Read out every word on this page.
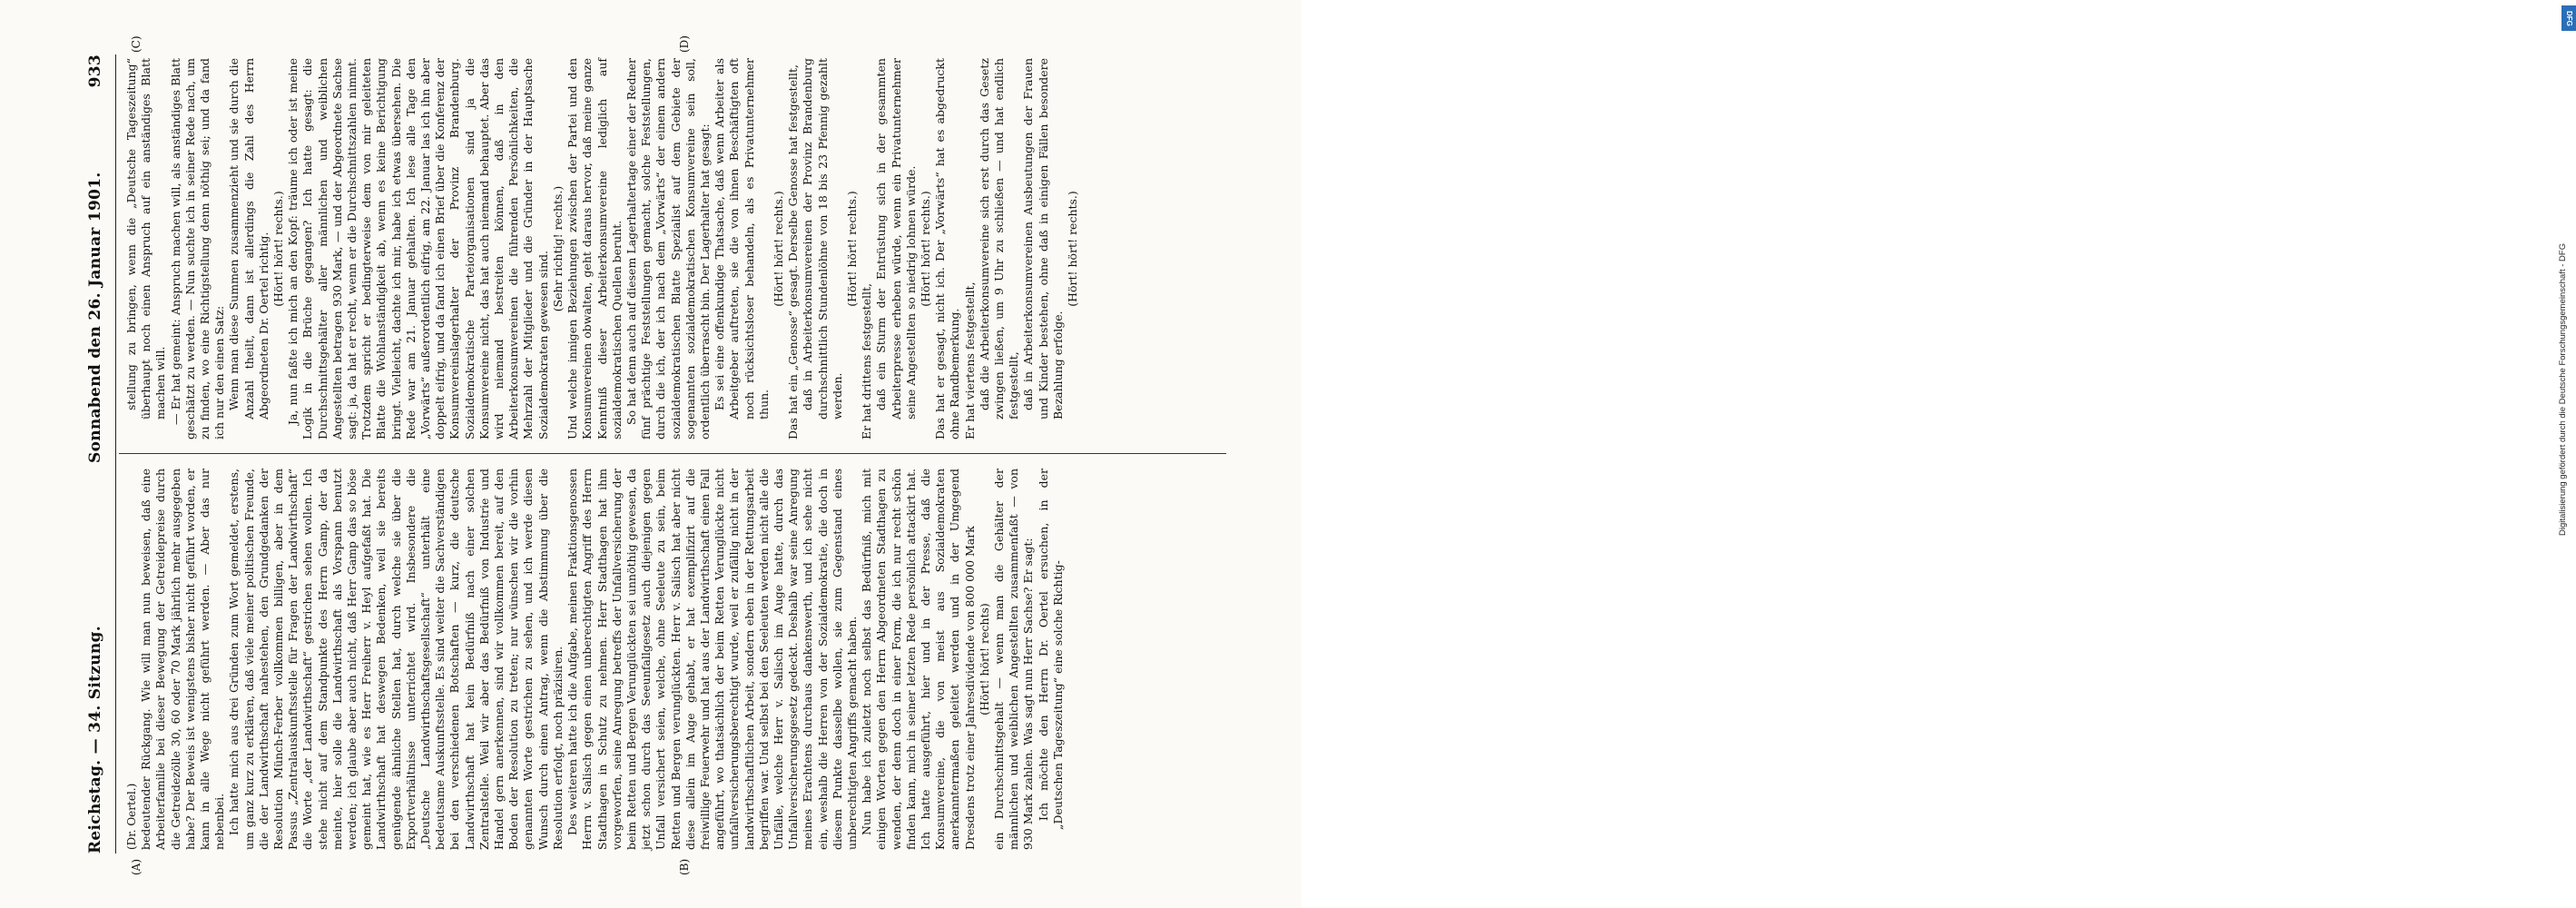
Reichstag. — 34. Sitzung.
Sonnabend den 26. Januar 1901.
933
(A)	(B)
(C)	(D)

(Dr. Oertel.) bedeutender Rückgang. Wie will man nun beweisen, daß eine Arbeiterfamilie bei dieser Bewegung der Getreidepreise durch die Getreidezölle 30, 60 oder 70 Mark jährlich mehr ausgegeben habe? Der Beweis ist wenigstens bisher nicht geführt worden, er kann in alle Wege nicht geführt werden. — Aber das nur nebenbei. Ich hatte mich aus drei Gründen zum Wort gemeldet, erstens, um ganz kurz zu erklären, daß viele meiner politischen Freunde, die der Landwirthschaft nahestehen, den Grundgedanken der Resolution Münch-Ferber vollkommen billigen, aber in dem Passus „Zentralauskunftsstelle für Fragen der Landwirthschaft“ die Worte „der Landwirthschaft“ gestrichen sehen wollen. Ich stehe nicht auf dem Standpunkte des Herrn Gamp, der da meinte, hier solle die Landwirthschaft als Vorspann benutzt werden; ich glaube aber auch nicht, daß Herr Gamp das so böse gemeint hat, wie es Herr Freiherr v. Heyl aufgefaßt hat. Die Landwirthschaft hat deswegen Bedenken, weil sie bereits genügende ähnliche Stellen hat, durch welche sie über die Exportverhältnisse unterrichtet wird. Insbesondere die „Deutsche Landwirthschaftsgesellschaft“ unterhält eine bedeutsame Auskunftsstelle. Es sind weiter die Sachverständigen bei den verschiedenen Botschaften — kurz, die deutsche Landwirthschaft hat kein Bedürfniß nach einer solchen Zentralstelle. Weil wir aber das Bedürfniß von Industrie und Handel gern anerkennen, sind wir vollkommen bereit, auf den Boden der Resolution zu treten; nur wünschen wir die vorhin genannten Worte gestrichen zu sehen, und ich werde diesen Wunsch durch einen Antrag, wenn die Abstimmung über die Resolution erfolgt, noch präzisiren. Des weiteren hatte ich die Aufgabe, meinen Fraktionsgenossen Herrn v. Salisch gegen einen unberechtigten Angriff des Herrn Stadthagen in Schutz zu nehmen. Herr Stadthagen hat ihm vorgeworfen, seine Anregung betreffs der Unfallversicherung der beim Retten und Bergen Verunglückten sei unnöthig gewesen, da jetzt schon durch das Seeunfallgesetz auch diejenigen gegen Unfall versichert seien, welche, ohne Seeleute zu sein, beim Retten und Bergen verunglückten. Herr v. Salisch hat aber nicht diese allein im Auge gehabt, er hat exemplifizirt auf die freiwillige Feuerwehr und hat aus der Landwirthschaft einen Fall angeführt, wo thatsächlich der beim Retten Verunglückte nicht unfallversicherungsberechtigt wurde, weil er zufällig nicht in der landwirthschaftlichen Arbeit, sondern eben in der Rettungsarbeit begriffen war. Und selbst bei den Seeleuten werden nicht alle die Unfälle, welche Herr v. Salisch im Auge hatte, durch das Unfallversicherungsgesetz gedeckt. Deshalb war seine Anregung meines Erachtens durchaus dankenswerth, und ich sehe nicht ein, weshalb die Herren von der Sozialdemokratie, die doch in diesem Punkte dasselbe wollen, sie zum Gegenstand eines unberechtigten Angriffs gemacht haben. Nun habe ich zuletzt noch selbst das Bedürfniß, mich mit einigen Worten gegen den Herrn Abgeordneten Stadthagen zu wenden, der denn doch in einer Form, die ich nur recht schön finden kann, mich in seiner letzten Rede persönlich attackirt hat. Ich hatte ausgeführt, hier und in der Presse, daß die Konsumvereine, die von meist aus Sozialdemokraten anerkanntermaßen geleitet werden und in der Umgegend Dresdens trotz einer Jahresdividende von 800 000 Mark (Hört! hört! rechts) ein Durchschnittsgehalt — wenn man die Gehälter der männlichen und weiblichen Angestellten zusammenfaßt — von 930 Mark zahlen. Was sagt nun Herr Sachse? Er sagt: Ich möchte den Herrn Dr. Oertel ersuchen, in der „Deutschen Tageszeitung“ eine solche Richtig-

stellung zu bringen, wenn die „Deutsche Tageszeitung“ überhaupt noch einen Anspruch auf ein anständiges Blatt machen will. — Er hat gemeint: Anspruch machen will, als anständiges Blatt geschätzt zu werden. — Nun suchte ich in seiner Rede nach, um zu finden, wo eine Richtigstellung denn nöthig sei; und da fand ich nur den einen Satz: Wenn man diese Summen zusammenzieht und sie durch die Anzahl theilt, dann ist allerdings die Zahl des Herrn Abgeordneten Dr. Oertel richtig. (Hört! hört! rechts.) Ja, nun faßte ich mich an den Kopf: träume ich oder ist meine Logik in die Brüche gegangen? Ich hatte gesagt: die Durchschnittsgehälter aller männlichen und weiblichen Angestellten betragen 930 Mark, — und der Abgeordnete Sachse sagt: ja, da hat er recht, wenn er die Durchschnittszahlen nimmt. Trotzdem spricht er bedingterweise dem von mir geleiteten Blatte die Wohlanständigkeit ab, wenn es keine Berichtigung bringt. Vielleicht, dachte ich mir, habe ich etwas übersehen. Die Rede war am 21. Januar gehalten. Ich lese alle Tage den „Vorwärts“ außerordentlich eifrig, am 22. Januar las ich ihn aber doppelt eifrig, und da fand ich einen Brief über die Konferenz der Konsumvereinslagerhalter der Provinz Brandenburg. Sozialdemokratische Parteiorganisationen sind ja die Konsumvereine nicht, das hat auch niemand behauptet. Aber das wird niemand bestreiten können, daß in den Arbeiterkonsumvereinen die führenden Persönlichkeiten, die Mehrzahl der Mitglieder und die Gründer in der Hauptsache Sozialdemokraten gewesen sind.

(Sehr richtig! rechts.) Und welche innigen Beziehungen zwischen der Partei und den Konsumvereinen obwalten, geht daraus hervor, daß meine ganze Kenntniß dieser Arbeiterkonsumvereine lediglich auf sozialdemokratischen Quellen beruht. So hat denn auch auf diesem Lagerhaltertage einer der Redner fünf prächtige Feststellungen gemacht, solche Feststellungen, durch die ich, der ich nach dem „Vorwärts“ der einem andern sozialdemokratischen Blatte Spezialist auf dem Gebiete der sogenannten sozialdemokratischen Konsumvereine sein soll, ordentlich überrascht bin. Der Lagerhalter hat gesagt: Es sei eine offenkundige Thatsache, daß wenn Arbeiter als Arbeitgeber auftreten, sie die von ihnen Beschäftigten oft noch rücksichtsloser behandeln, als es Privatunternehmer thun.

(Hört! hört! rechts.) Das hat ein „Genosse“ gesagt. Derselbe Genosse hat festgestellt, daß in Arbeiterkonsumvereinen der Provinz Brandenburg durchschnittlich Stundenlöhne von 18 bis 23 Pfennig gezahlt werden.

(Hört! hört! rechts.)

Er hat drittens festgestellt, daß ein Sturm der Entrüstung sich in der gesammten Arbeiterpresse erheben würde, wenn ein Privatunternehmer seine Angestellten so niedrig lohnen würde. (Hört! hört! rechts.) Das hat er gesagt, nicht ich. Der „Vorwärts“ hat es abgedruckt ohne Randbemerkung. Er hat viertens festgestellt, daß die Arbeiterkonsumvereine sich erst durch das Gesetz zwingen ließen, um 9 Uhr zu schließen — und hat endlich festgestellt, daß in Arbeiterkonsumvereinen Ausbeutungen der Frauen und Kinder bestehen, ohne daß in einigen Fällen besondere Bezahlung erfolge.

(Hört! hört! rechts.)

DFG
Digitalisierung gefördert durch die Deutsche Forschungsgemeinschaft - DFG
